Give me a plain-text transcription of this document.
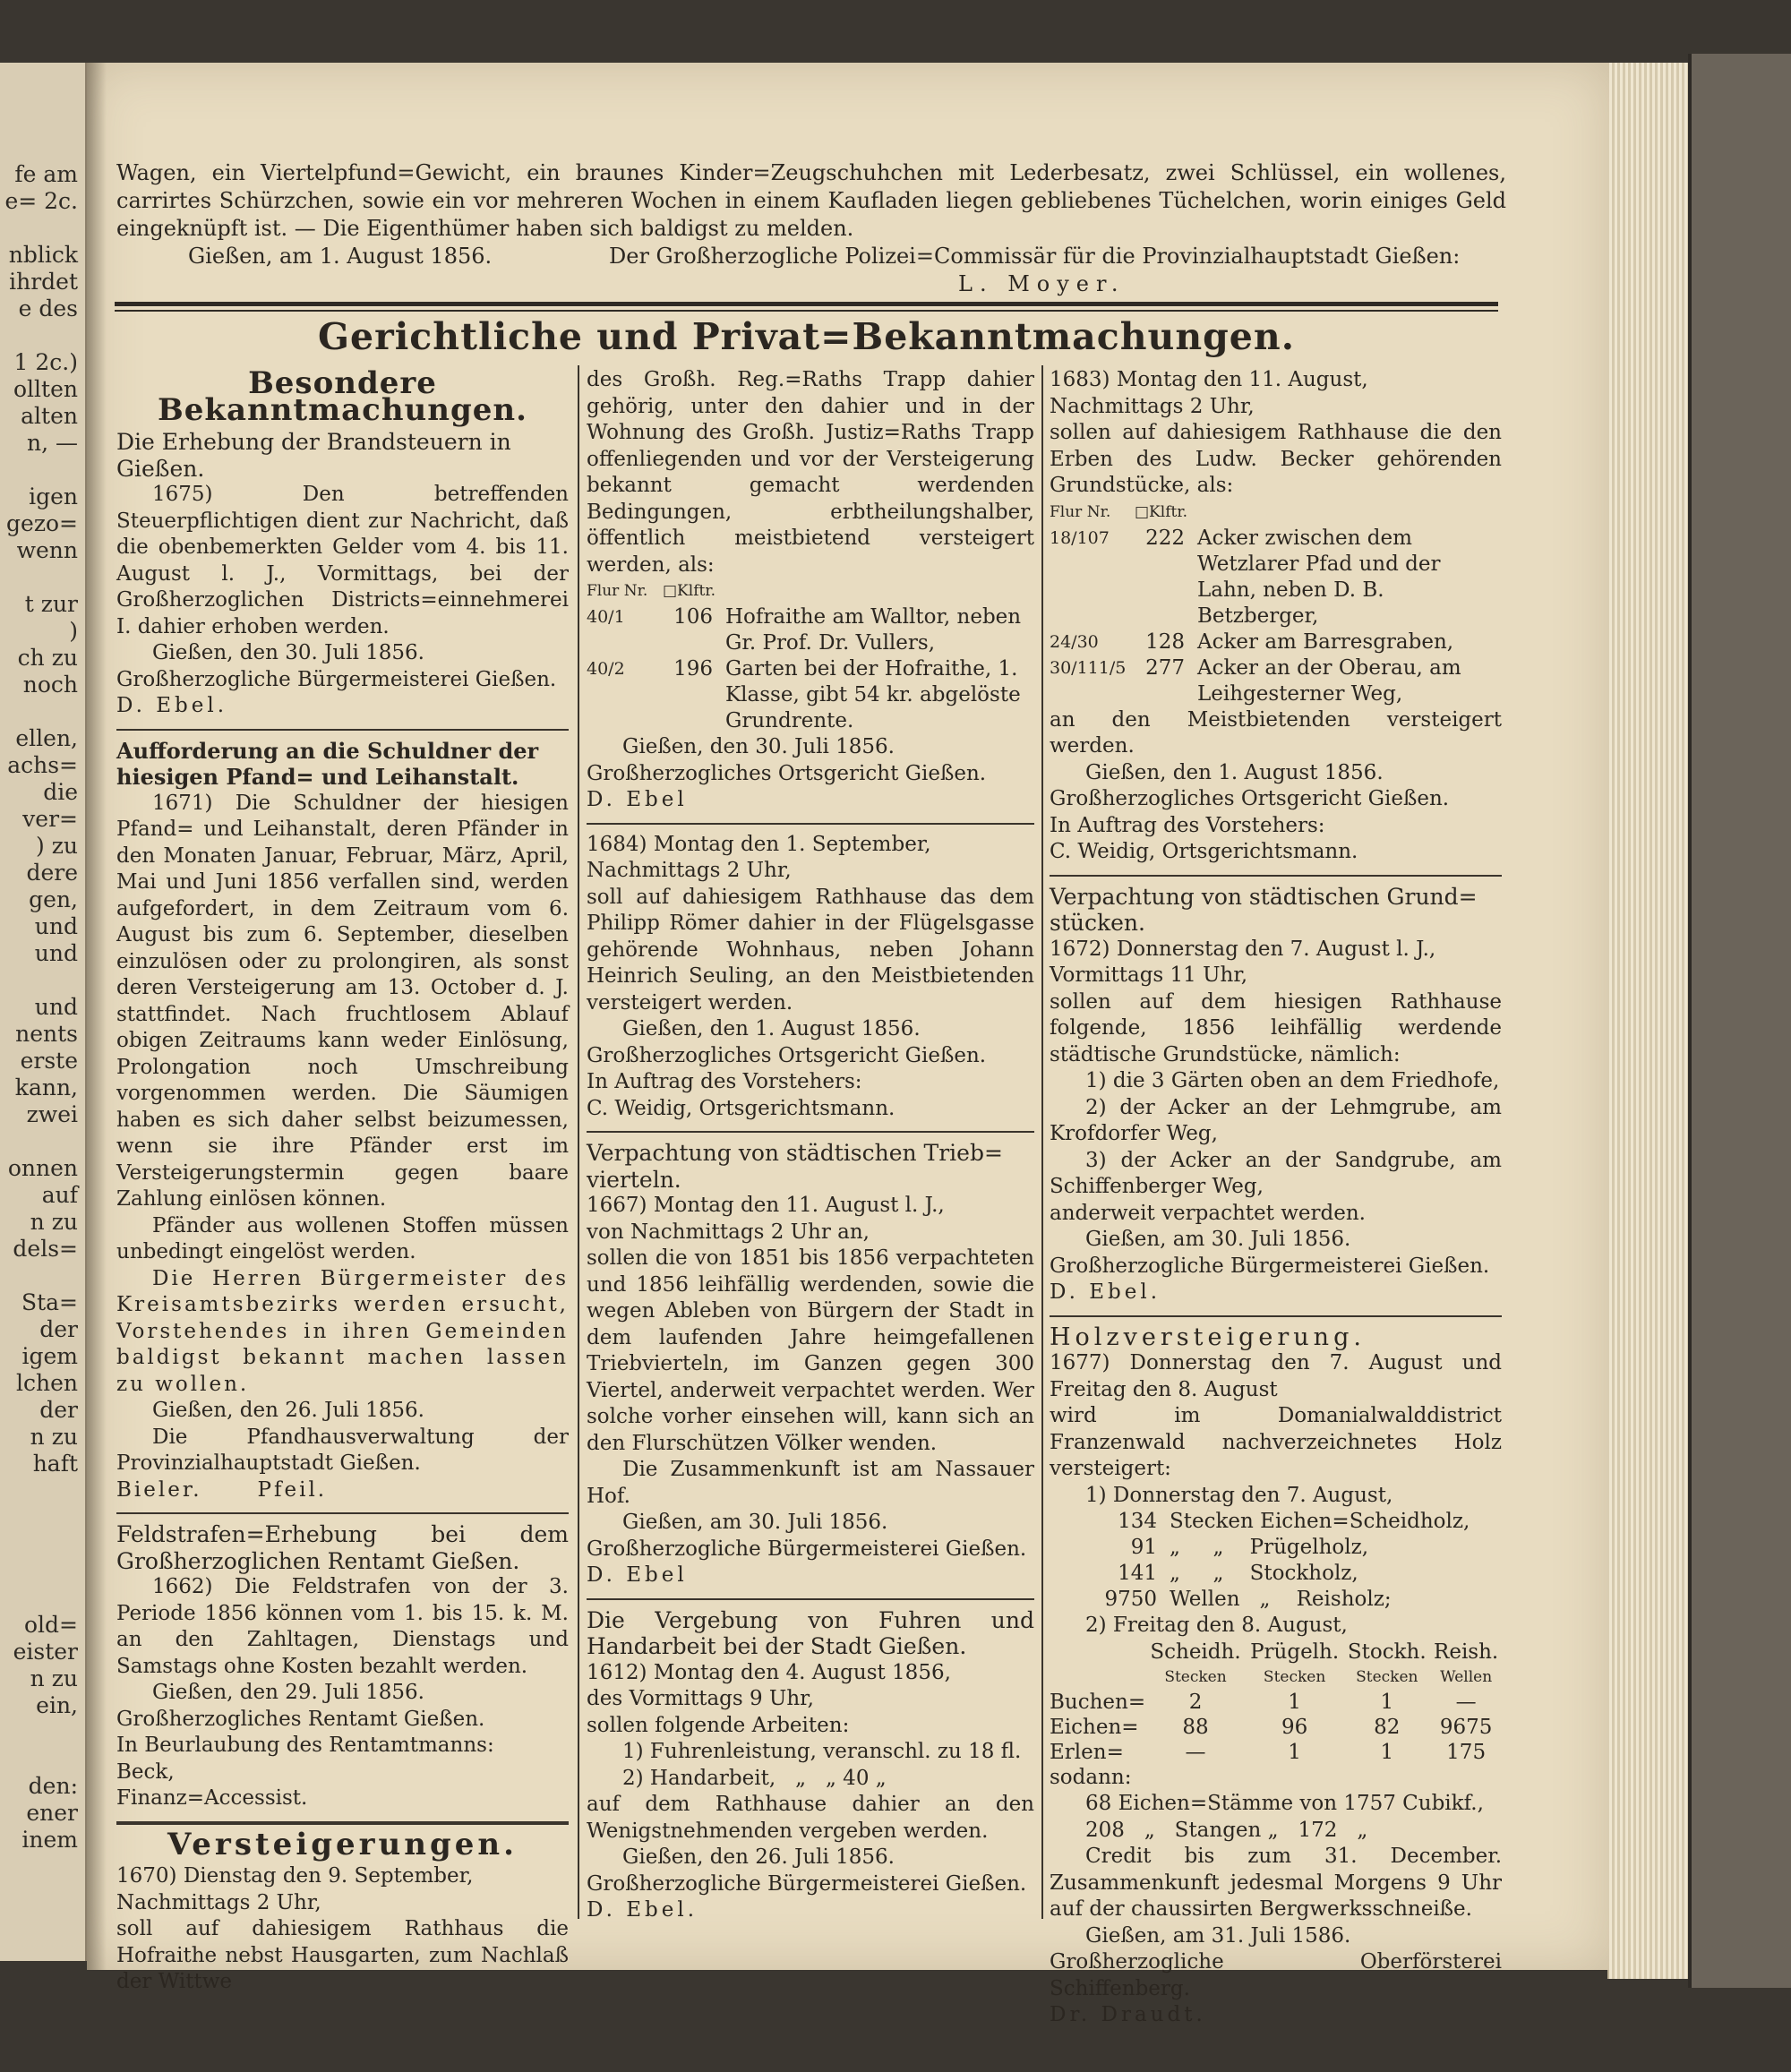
fe am
e= 2c.
nblick
ihrdet
e des
1 2c.)
ollten
alten
n, —
igen
gezo=
wenn
t zur
)
ch zu
noch
ellen,
achs=
die
ver=
) zu
dere
gen,
und
und
und
nents
erste
kann,
zwei
onnen
auf
n zu
dels=
Sta=
der
igem
lchen
der
n zu
haft
old=
eister
n zu
ein,
den:
ener
inem

Wagen, ein Viertelpfund=Gewicht, ein braunes Kinder=Zeugschuhchen mit Lederbesatz, zwei Schlüssel, ein wollenes, carrirtes Schürzchen, sowie ein vor mehreren Wochen in einem Kaufladen liegen gebliebenes Tüchelchen, worin einiges Geld eingeknüpft ist. — Die Eigenthümer haben sich baldigst zu melden.

Gießen, am 1. August 1856.	Der Großherzogliche Polizei=Commissär für die Provinzialhauptstadt Gießen:
L. Moyer.
Gerichtliche und Privat=Bekanntmachungen.
Besondere Bekanntmachungen.

Die Erhebung der Brandsteuern in

Gießen.

1675) Den betreffenden Steuerpflichtigen dient zur Nachricht, daß die obenbemerkten Gelder vom 4. bis 11. August l. J., Vormittags, bei der Großherzoglichen Districts=einnehmerei I. dahier erhoben werden.

Gießen, den 30. Juli 1856.

Großherzogliche Bürgermeisterei Gießen.

D. Ebel.

Aufforderung an die Schuldner der

hiesigen Pfand= und Leihanstalt.

1671) Die Schuldner der hiesigen Pfand= und Leihanstalt, deren Pfänder in den Monaten Januar, Februar, März, April, Mai und Juni 1856 verfallen sind, werden aufgefordert, in dem Zeitraum vom 6. August bis zum 6. September, dieselben einzulösen oder zu prolongiren, als sonst deren Versteigerung am 13. October d. J. stattfindet. Nach fruchtlosem Ablauf obigen Zeitraums kann weder Einlösung, Prolongation noch Umschreibung vorgenommen werden. Die Säumigen haben es sich daher selbst beizumessen, wenn sie ihre Pfänder erst im Versteigerungstermin gegen baare Zahlung einlösen können.

Pfänder aus wollenen Stoffen müssen unbedingt eingelöst werden.

Die Herren Bürgermeister des Kreisamtsbezirks werden ersucht, Vorstehendes in ihren Gemeinden baldigst bekannt machen lassen zu wollen.

Gießen, den 26. Juli 1856.

Die Pfandhausverwaltung der Provinzialhauptstadt Gießen.

Bieler.	Pfeil.

Feldstrafen=Erhebung bei dem Großherzoglichen Rentamt Gießen.

1662) Die Feldstrafen von der 3. Periode 1856 können vom 1. bis 15. k. M. an den Zahltagen, Dienstags und Samstags ohne Kosten bezahlt werden.

Gießen, den 29. Juli 1856.

Großherzogliches Rentamt Gießen.

In Beurlaubung des Rentamtmanns:

Beck,

Finanz=Accessist.

Versteigerungen.

1670) Dienstag den 9. September,

Nachmittags 2 Uhr,

soll auf dahiesigem Rathhaus die Hofraithe nebst Hausgarten, zum Nachlaß der Wittwe

des Großh. Reg.=Raths Trapp dahier gehörig, unter den dahier und in der Wohnung des Großh. Justiz=Raths Trapp offenliegenden und vor der Versteigerung bekannt gemacht werdenden Bedingungen, erbtheilungshalber, öffentlich meistbietend versteigert werden, als:

Flur Nr.	□Klftr.	
40/1	106	Hofraithe am Walltor, neben Gr. Prof. Dr. Vullers,
40/2	196	Garten bei der Hofraithe, 1. Klasse, gibt 54 kr. abgelöste Grundrente.

Gießen, den 30. Juli 1856.

Großherzogliches Ortsgericht Gießen.

D. Ebel

1684) Montag den 1. September,

Nachmittags 2 Uhr,

soll auf dahiesigem Rathhause das dem Philipp Römer dahier in der Flügelsgasse gehörende Wohnhaus, neben Johann Heinrich Seuling, an den Meistbietenden versteigert werden.

Gießen, den 1. August 1856.

Großherzogliches Ortsgericht Gießen.

In Auftrag des Vorstehers:

C. Weidig, Ortsgerichtsmann.

Verpachtung von städtischen Trieb=

vierteln.

1667) Montag den 11. August l. J.,

von Nachmittags 2 Uhr an,

sollen die von 1851 bis 1856 verpachteten und 1856 leihfällig werdenden, sowie die wegen Ableben von Bürgern der Stadt in dem laufenden Jahre heimgefallenen Triebvierteln, im Ganzen gegen 300 Viertel, anderweit verpachtet werden. Wer solche vorher einsehen will, kann sich an den Flurschützen Völker wenden.

Die Zusammenkunft ist am Nassauer Hof.

Gießen, am 30. Juli 1856.

Großherzogliche Bürgermeisterei Gießen.

D. Ebel

Die Vergebung von Fuhren und Handarbeit bei der Stadt Gießen.

1612) Montag den 4. August 1856,

des Vormittags 9 Uhr,

sollen folgende Arbeiten:

1) Fuhrenleistung, veranschl. zu 18 fl.

2) Handarbeit,   „   „ 40 „

auf dem Rathhause dahier an den Wenigstnehmenden vergeben werden.

Gießen, den 26. Juli 1856.

Großherzogliche Bürgermeisterei Gießen.

D. Ebel.

1683) Montag den 11. August,

Nachmittags 2 Uhr,

sollen auf dahiesigem Rathhause die den Erben des Ludw. Becker gehörenden Grundstücke, als:

Flur Nr.	□Klftr.	
18/107	222	Acker zwischen dem Wetzlarer Pfad und der Lahn, neben D. B. Betzberger,
24/30	128	Acker am Barresgraben,
30/111/5	277	Acker an der Oberau, am Leihgesterner Weg,

an den Meistbietenden versteigert werden.

Gießen, den 1. August 1856.

Großherzogliches Ortsgericht Gießen.

In Auftrag des Vorstehers:

C. Weidig, Ortsgerichtsmann.

Verpachtung von städtischen Grund=

stücken.

1672) Donnerstag den 7. August l. J.,

Vormittags 11 Uhr,

sollen auf dem hiesigen Rathhause folgende, 1856 leihfällig werdende städtische Grundstücke, nämlich:

1) die 3 Gärten oben an dem Friedhofe,

2) der Acker an der Lehmgrube, am Krofdorfer Weg,

3) der Acker an der Sandgrube, am Schiffenberger Weg,

anderweit verpachtet werden.

Gießen, am 30. Juli 1856.

Großherzogliche Bürgermeisterei Gießen.

D. Ebel.

Holzversteigerung.

1677) Donnerstag den 7. August und Freitag den 8. August

wird im Domanialwalddistrict Franzenwald nachverzeichnetes Holz versteigert:

1) Donnerstag den 7. August,

134	Stecken Eichen=Scheidholz,
91	„     „    Prügelholz,
141	„     „    Stockholz,
9750	Wellen   „    Reisholz;

2) Freitag den 8. August,

	Scheidh.	Prügelh.	Stockh.	Reish.
	Stecken	Stecken	Stecken	Wellen
Buchen=	2	1	1	—
Eichen=	88	96	82	9675
Erlen=	—	1	1	175

sodann:

68 Eichen=Stämme von 1757 Cubikf.,

208   „   Stangen „   172   „

Credit bis zum 31. December. Zusammenkunft jedesmal Morgens 9 Uhr auf der chaussirten Bergwerksschneiße.

Gießen, am 31. Juli 1586.

Großherzogliche Oberförsterei Schiffenberg.

Dr. Draudt.
